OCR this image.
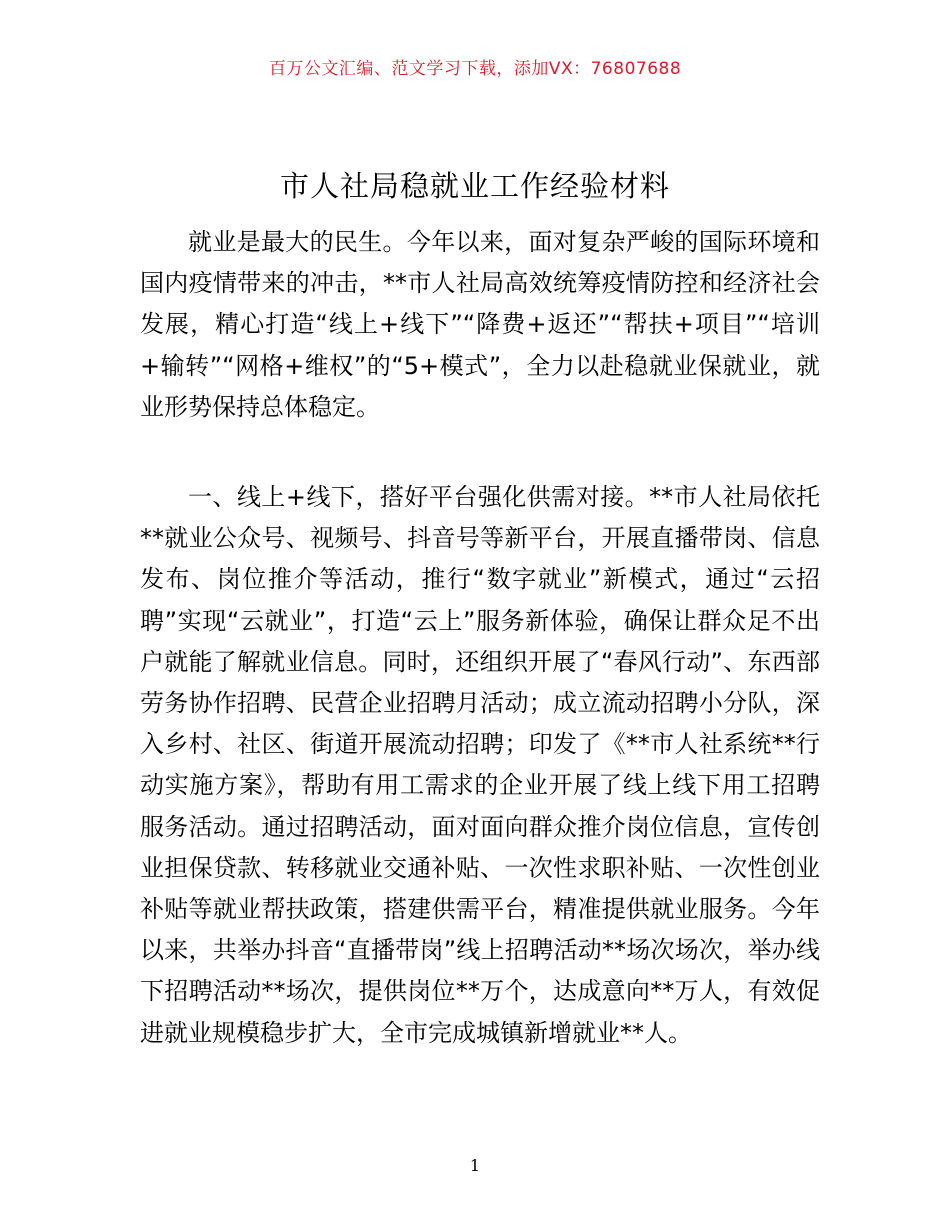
百万公文汇编、范文学习下载，添加VX：76807688
市人社局稳就业工作经验材料

就业是最大的民生。今年以来，面对复杂严峻的国际环境和国内疫情带来的冲击，**市人社局高效统筹疫情防控和经济社会发展，精心打造“线上+线下”“降费+返还”“帮扶+项目”“培训+输转”“网格+维权”的“5+模式”，全力以赴稳就业保就业，就业形势保持总体稳定。

一、线上+线下，搭好平台强化供需对接。**市人社局依托**就业公众号、视频号、抖音号等新平台，开展直播带岗、信息发布、岗位推介等活动，推行“数字就业”新模式，通过“云招聘”实现“云就业”，打造“云上”服务新体验，确保让群众足不出户就能了解就业信息。同时，还组织开展了“春风行动”、东西部劳务协作招聘、民营企业招聘月活动；成立流动招聘小分队，深入乡村、社区、街道开展流动招聘；印发了《**市人社系统**行动实施方案》，帮助有用工需求的企业开展了线上线下用工招聘服务活动。通过招聘活动，面对面向群众推介岗位信息，宣传创业担保贷款、转移就业交通补贴、一次性求职补贴、一次性创业补贴等就业帮扶政策，搭建供需平台，精准提供就业服务。今年以来，共举办抖音“直播带岗”线上招聘活动**场次场次，举办线下招聘活动**场次，提供岗位**万个，达成意向**万人，有效促进就业规模稳步扩大，全市完成城镇新增就业**人。

1
